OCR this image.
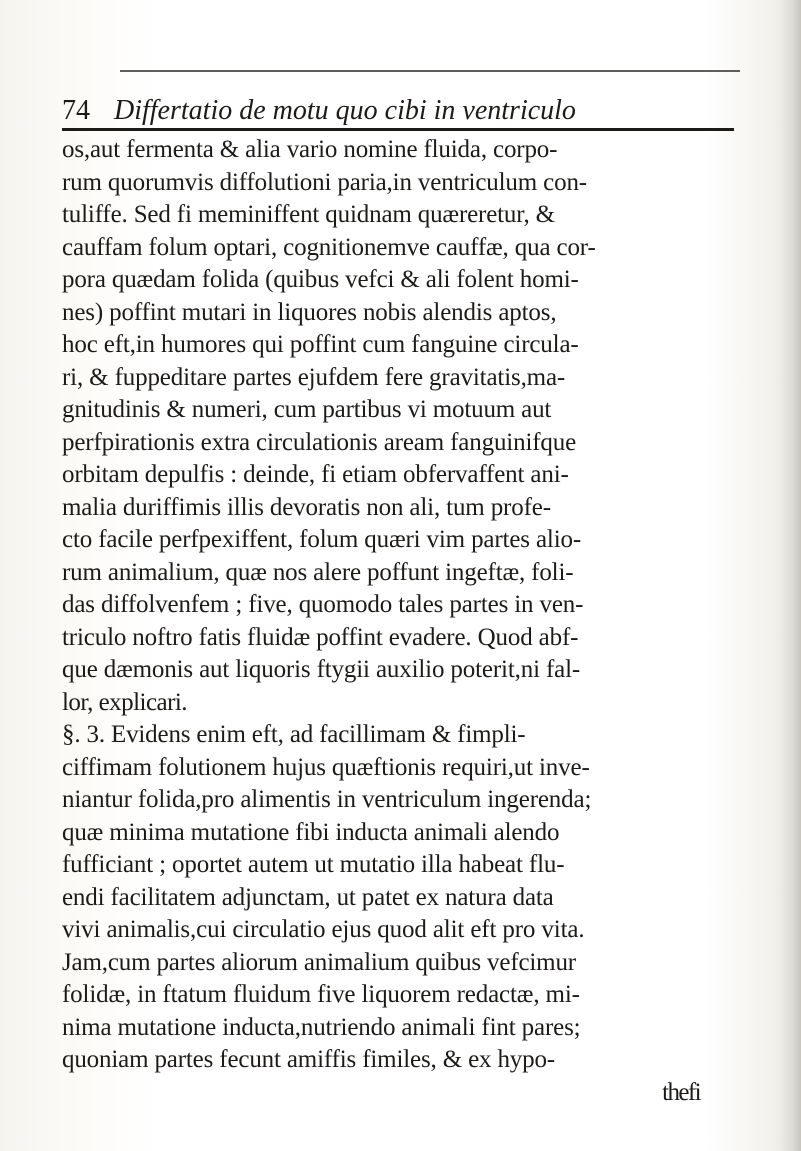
74 Differtatio de motu quo cibi in ventriculo
os,aut fermenta & alia vario nomine fluida, corpo-
rum quorumvis diffolutioni paria,in ventriculum con-
tuliffe. Sed fi meminiffent quidnam quæreretur, &
cauffam folum optari, cognitionemve cauffæ, qua cor-
pora quædam folida (quibus vefci & ali folent homi-
nes) poffint mutari in liquores nobis alendis aptos,
hoc eft,in humores qui poffint cum fanguine circula-
ri, & fuppeditare partes ejufdem fere gravitatis,ma-
gnitudinis & numeri, cum partibus vi motuum aut
perfpirationis extra circulationis aream fanguinifque
orbitam depulfis : deinde, fi etiam obfervaffent ani-
malia duriffimis illis devoratis non ali, tum profe-
cto facile perfpexiffent, folum quæri vim partes alio-
rum animalium, quæ nos alere poffunt ingeftæ, foli-
das diffolvenfem ; five, quomodo tales partes in ven-
triculo noftro fatis fluidæ poffint evadere. Quod abf-
que dæmonis aut liquoris ftygii auxilio poterit,ni fal-
lor, explicari.
§. 3. Evidens enim eft, ad facillimam & fimpli-
ciffimam folutionem hujus quæftionis requiri,ut inve-
niantur folida,pro alimentis in ventriculum ingerenda;
quæ minima mutatione fibi inducta animali alendo
fufficiant ; oportet autem ut mutatio illa habeat flu-
endi facilitatem adjunctam, ut patet ex natura data
vivi animalis,cui circulatio ejus quod alit eft pro vita.
Jam,cum partes aliorum animalium quibus vefcimur
folidæ, in ftatum fluidum five liquorem redactæ, mi-
nima mutatione inducta,nutriendo animali fint pares;
quoniam partes fecunt amiffis fimiles, & ex hypo-
thefi
